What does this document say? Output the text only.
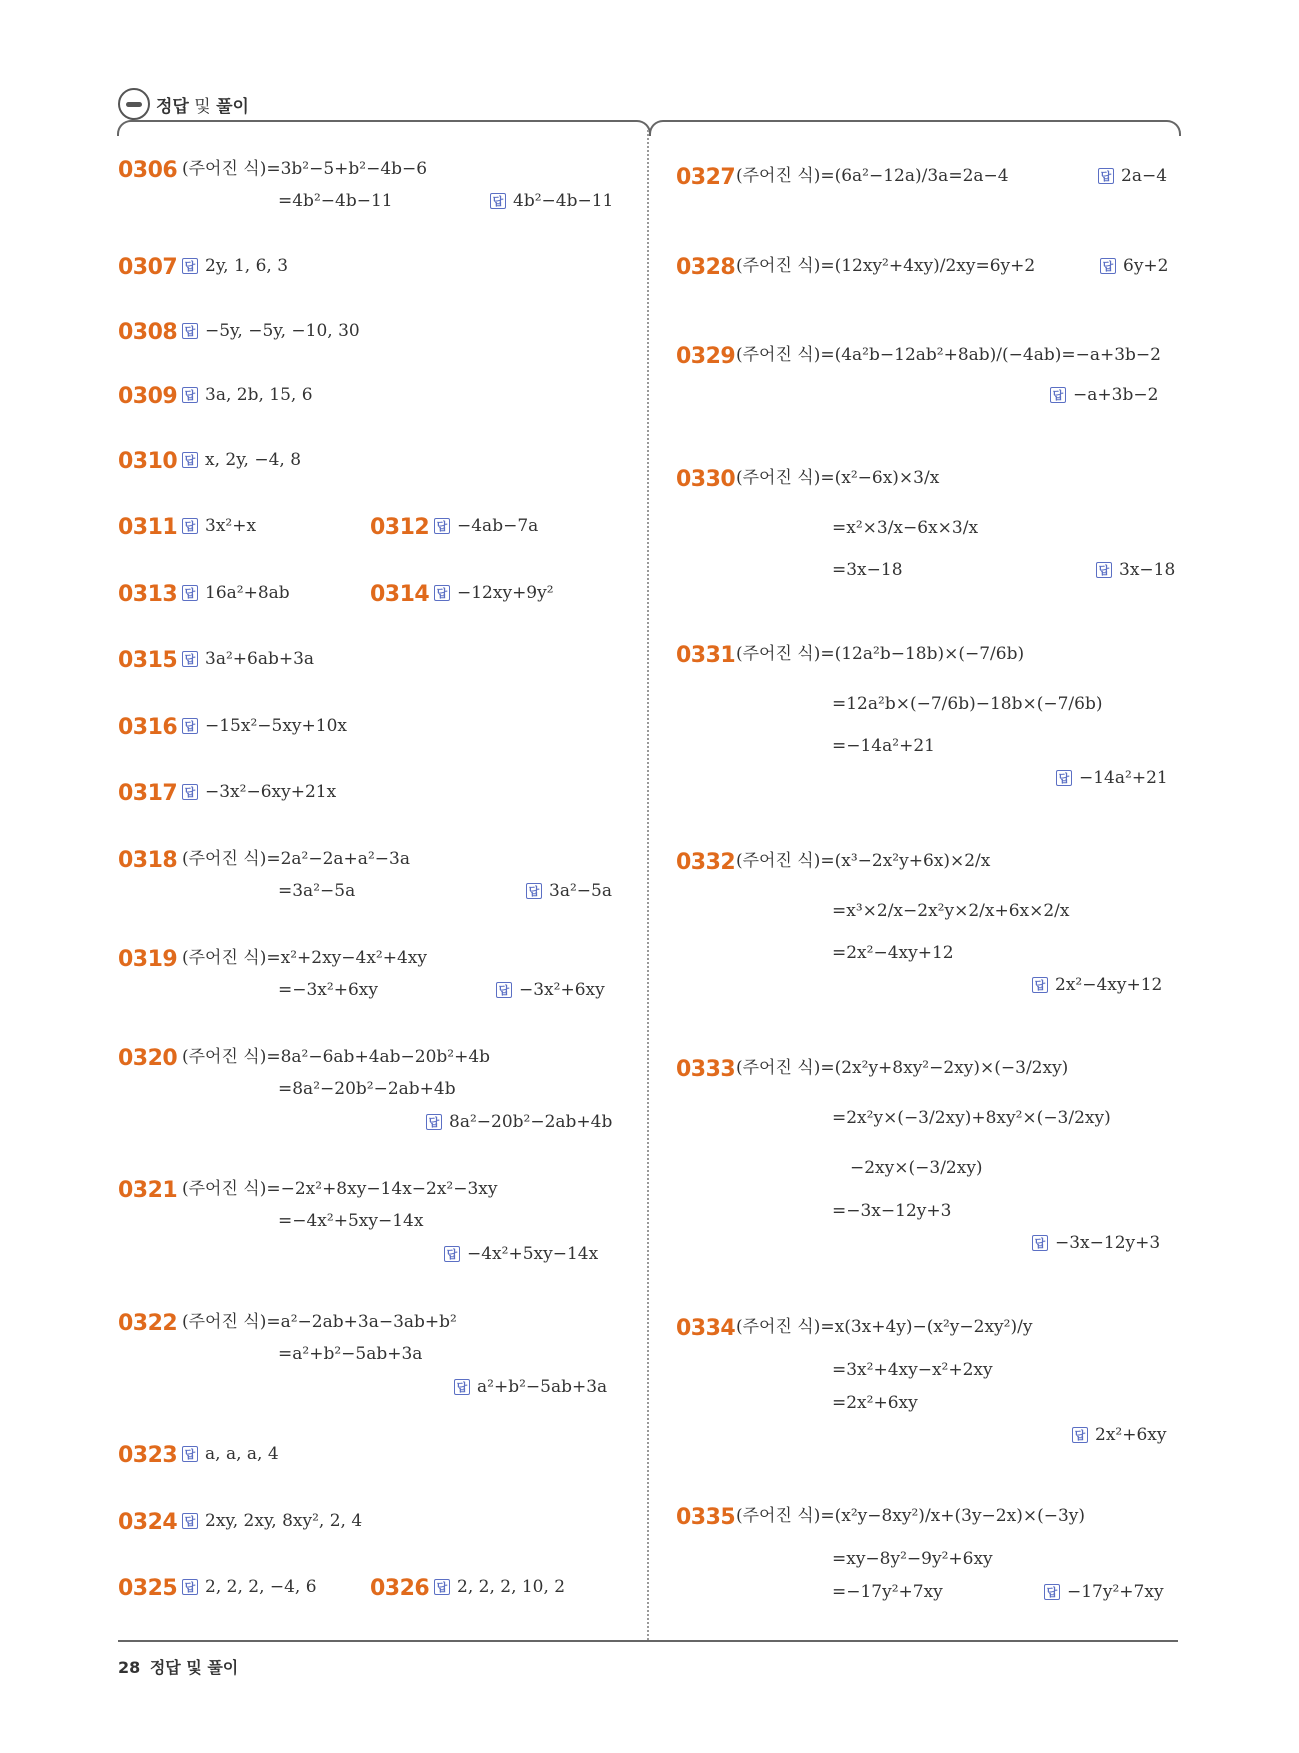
정답 및 풀이
0306 (주어진 식)=3b²−5+b²−4b−6
=4b²−4b−11	답 4b²−4b−11
0307 답 2y, 1, 6, 3
0308 답 −5y, −5y, −10, 30
0309 답 3a, 2b, 15, 6
0310 답 x, 2y, −4, 8
0311 답 3x²+x	0312 답 −4ab−7a
0313 답 16a²+8ab	0314 답 −12xy+9y²
0315 답 3a²+6ab+3a
0316 답 −15x²−5xy+10x
0317 답 −3x²−6xy+21x
0318 (주어진 식)=2a²−2a+a²−3a
=3a²−5a	답 3a²−5a
0319 (주어진 식)=x²+2xy−4x²+4xy
=−3x²+6xy	답 −3x²+6xy
0320 (주어진 식)=8a²−6ab+4ab−20b²+4b
=8a²−20b²−2ab+4b
답 8a²−20b²−2ab+4b
0321 (주어진 식)=−2x²+8xy−14x−2x²−3xy
=−4x²+5xy−14x
답 −4x²+5xy−14x
0322 (주어진 식)=a²−2ab+3a−3ab+b²
=a²+b²−5ab+3a
답 a²+b²−5ab+3a
0323 답 a, a, a, 4
0324 답 2xy, 2xy, 8xy², 2, 4
0325 답 2, 2, 2, −4, 6 0326 답 2, 2, 2, 10, 2
0327 (주어진 식)=(6a²−12a)/3a=2a−4	답 2a−4
0328 (주어진 식)=(12xy²+4xy)/2xy=6y+2	답 6y+2
0329 (주어진 식)=(4a²b−12ab²+8ab)/(−4ab)=−a+3b−2
답 −a+3b−2
0330 (주어진 식)=(x²−6x)×3/x
=x²×3/x−6x×3/x
=3x−18	답 3x−18
0331 (주어진 식)=(12a²b−18b)×(−7/6b)
=12a²b×(−7/6b)−18b×(−7/6b)
=−14a²+21
답 −14a²+21
0332 (주어진 식)=(x³−2x²y+6x)×2/x
=x³×2/x−2x²y×2/x+6x×2/x
=2x²−4xy+12
답 2x²−4xy+12
0333 (주어진 식)=(2x²y+8xy²−2xy)×(−3/2xy)
=2x²y×(−3/2xy)+8xy²×(−3/2xy)
−2xy×(−3/2xy)
=−3x−12y+3
답 −3x−12y+3
0334 (주어진 식)=x(3x+4y)−(x²y−2xy²)/y
=3x²+4xy−x²+2xy
=2x²+6xy
답 2x²+6xy
0335 (주어진 식)=(x²y−8xy²)/x+(3y−2x)×(−3y)
=xy−8y²−9y²+6xy
=−17y²+7xy	답 −17y²+7xy
28 정답 및 풀이
